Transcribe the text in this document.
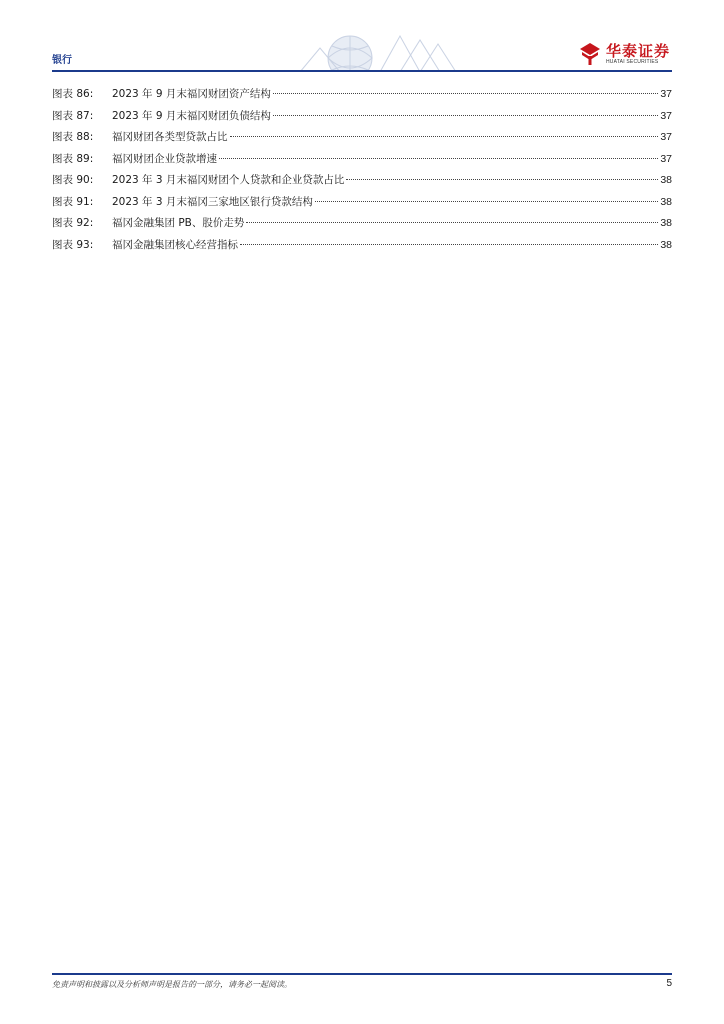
银行
华泰证券
HUATAI SECURITIES
图表 86:	2023 年 9 月末福冈财团资产结构	37
图表 87:	2023 年 9 月末福冈财团负债结构	37
图表 88:	福冈财团各类型贷款占比	37
图表 89:	福冈财团企业贷款增速	37
图表 90:	2023 年 3 月末福冈财团个人贷款和企业贷款占比	38
图表 91:	2023 年 3 月末福冈三家地区银行贷款结构	38
图表 92:	福冈金融集团 PB、股价走势	38
图表 93:	福冈金融集团核心经营指标	38
免责声明和披露以及分析师声明是报告的一部分，请务必一起阅读。	5
